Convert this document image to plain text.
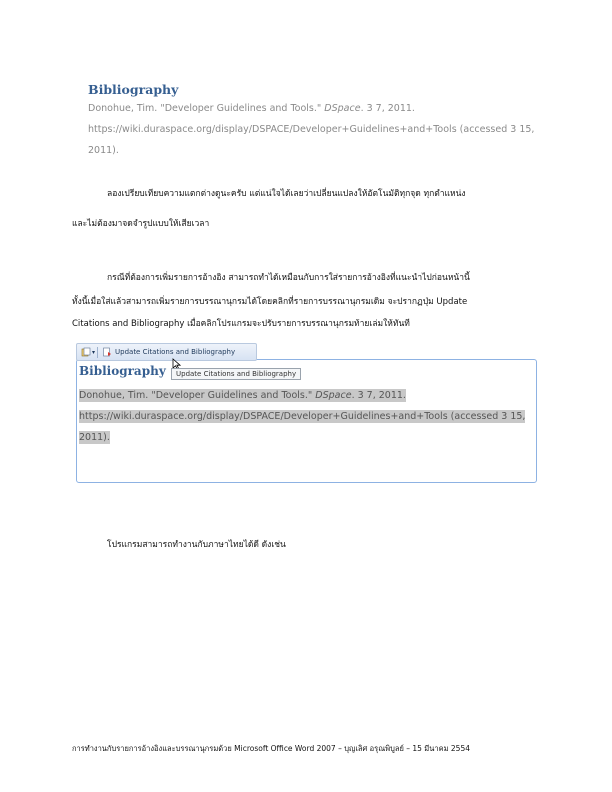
Bibliography
Donohue, Tim. "Developer Guidelines and Tools." DSpace. 3 7, 2011.
https://wiki.duraspace.org/display/DSPACE/Developer+Guidelines+and+Tools (accessed 3 15,
2011).
ลองเปรียบเทียบความแตกต่างดูนะครับ แต่แน่ใจได้เลยว่าเปลี่ยนแปลงให้อัตโนมัติทุกจุด ทุกตำแหน่ง
และไม่ต้องมาจดจำรูปแบบให้เสียเวลา
กรณีที่ต้องการเพิ่มรายการอ้างอิง สามารถทำได้เหมือนกับการใส่รายการอ้างอิงที่แนะนำไปก่อนหน้านี้
ทั้งนี้เมื่อใส่แล้วสามารถเพิ่มรายการบรรณานุกรมได้โดยคลิกที่รายการบรรณานุกรมเดิม จะปรากฏปุ่ม Update
Citations and Bibliography เมื่อคลิกโปรแกรมจะปรับรายการบรรณานุกรมท้ายเล่มให้ทันที
▾	Update Citations and Bibliography
Bibliography	Update Citations and Bibliography
Donohue, Tim. "Developer Guidelines and Tools." DSpace. 3 7, 2011.
https://wiki.duraspace.org/display/DSPACE/Developer+Guidelines+and+Tools (accessed 3 15,
2011).
โปรแกรมสามารถทำงานกับภาษาไทยได้ดี ดังเช่น
การทำงานกับรายการอ้างอิงและบรรณานุกรมด้วย Microsoft Office Word 2007 – บุญเลิศ อรุณพิบูลย์ – 15 มีนาคม 2554
